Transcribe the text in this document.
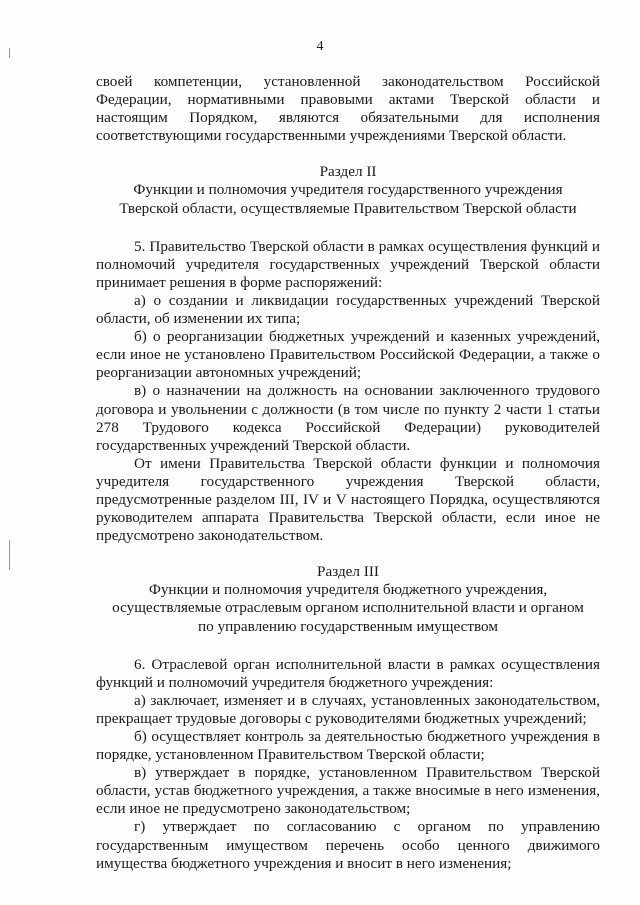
4

своей компетенции, установленной законодательством Российской Федерации, нормативными правовыми актами Тверской области и настоящим Порядком, являются обязательными для исполнения соответствующими государственными учреждениями Тверской области.

Раздел II
Функции и полномочия учредителя государственного учреждения
Тверской области, осуществляемые Правительством Тверской области

5. Правительство Тверской области в рамках осуществления функций и полномочий учредителя государственных учреждений Тверской области принимает решения в форме распоряжений:

а) о создании и ликвидации государственных учреждений Тверской области, об изменении их типа;

б) о реорганизации бюджетных учреждений и казенных учреждений, если иное не установлено Правительством Российской Федерации, а также о реорганизации автономных учреждений;

в) о назначении на должность на основании заключенного трудового договора и увольнении с должности (в том числе по пункту 2 части 1 статьи 278 Трудового кодекса Российской Федерации) руководителей государственных учреждений Тверской области.

От имени Правительства Тверской области функции и полномочия учредителя государственного учреждения Тверской области, предусмотренные разделом III, IV и V настоящего Порядка, осуществляются руководителем аппарата Правительства Тверской области, если иное не предусмотрено законодательством.

Раздел III
Функции и полномочия учредителя бюджетного учреждения,
осуществляемые отраслевым органом исполнительной власти и органом
по управлению государственным имуществом

6. Отраслевой орган исполнительной власти в рамках осуществления функций и полномочий учредителя бюджетного учреждения:

а) заключает, изменяет и в случаях, установленных законодательством, прекращает трудовые договоры с руководителями бюджетных учреждений;

б) осуществляет контроль за деятельностью бюджетного учреждения в порядке, установленном Правительством Тверской области;

в) утверждает в порядке, установленном Правительством Тверской области, устав бюджетного учреждения, а также вносимые в него изменения, если иное не предусмотрено законодательством;

г) утверждает по согласованию с органом по управлению государственным имуществом перечень особо ценного движимого имущества бюджетного учреждения и вносит в него изменения;
